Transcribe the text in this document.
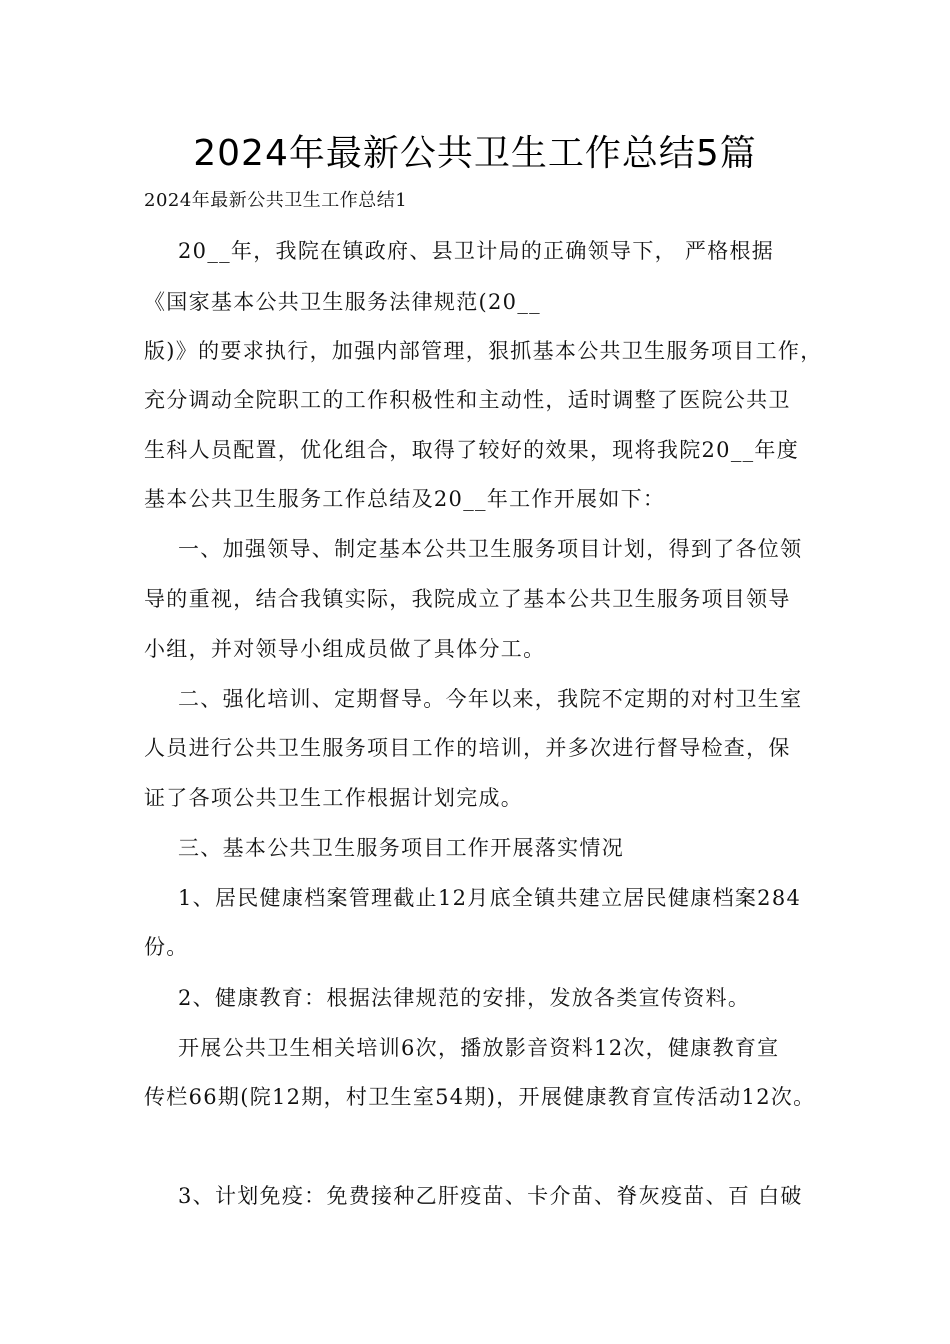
2024年最新公共卫生工作总结5篇
2024年最新公共卫生工作总结1
20__年，我院在镇政府、县卫计局的正确领导下， 严格根据
《国家基本公共卫生服务法律规范(20__
版)》的要求执行，加强内部管理，狠抓基本公共卫生服务项目工作，
充分调动全院职工的工作积极性和主动性，适时调整了医院公共卫
生科人员配置，优化组合，取得了较好的效果，现将我院20__年度
基本公共卫生服务工作总结及20__年工作开展如下：
一、加强领导、制定基本公共卫生服务项目计划，得到了各位领
导的重视，结合我镇实际，我院成立了基本公共卫生服务项目领导
小组，并对领导小组成员做了具体分工。
二、强化培训、定期督导。今年以来，我院不定期的对村卫生室
人员进行公共卫生服务项目工作的培训，并多次进行督导检查，保
证了各项公共卫生工作根据计划完成。
三、基本公共卫生服务项目工作开展落实情况
1、居民健康档案管理截止12月底全镇共建立居民健康档案284
份。
2、健康教育：根据法律规范的安排，发放各类宣传资料。
开展公共卫生相关培训6次，播放影音资料12次，健康教育宣
传栏66期(院12期，村卫生室54期)，开展健康教育宣传活动12次。
3、计划免疫：免费接种乙肝疫苗、卡介苗、脊灰疫苗、百 白破
